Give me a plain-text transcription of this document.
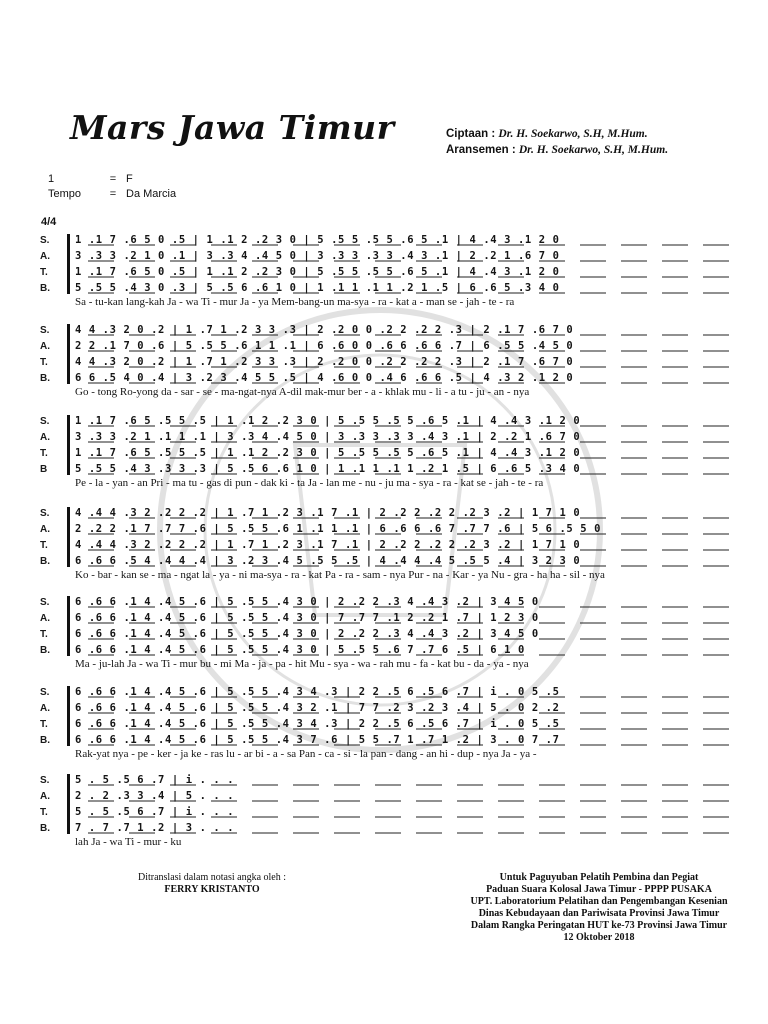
Mars Jawa Timur	Ciptaan : Dr. H. Soekarwo, S.H, M.Hum.
Aransemen : Dr. H. Soekarwo, S.H, M.Hum.
1	= F
Tempo	= Da Marcia
4/4
S.	1 .1 7 .6 5 0 .5 | 1 .1 2 .2 3 0 | 5 .5 5 .5 5 .6 5 .1 | 4 .4 3 .1 2 0
A.	3 .3 3 .2 1 0 .1 | 3 .3 4 .4 5 0 | 3 .3 3 .3 3 .4 3 .1 | 2 .2 1 .6 7 0
T.	1 .1 7 .6 5 0 .5 | 1 .1 2 .2 3 0 | 5 .5 5 .5 5 .6 5 .1 | 4 .4 3 .1 2 0
B.	5 .5 5 .4 3 0 .3 | 5 .5 6 .6 1 0 | 1 .1 1 .1 1 .2 1 .5 | 6 .6 5 .3 4 0
Sa - tu-kan lang-kah Ja - wa Ti - mur Ja - ya Mem-bang-un ma-sya - ra - kat a - man se - jah - te - ra
S.	4 4 .3 2 0 .2 | 1 .7 1 .2 3 3 .3 | 2 .2 0 0 .2 2 .2 2 .3 | 2 .1 7 .6 7 0
A.	2 2 .1 7 0 .6 | 5 .5 5 .6 1 1 .1 | 6 .6 0 0 .6 6 .6 6 .7 | 6 .5 5 .4 5 0
T.	4 4 .3 2 0 .2 | 1 .7 1 .2 3 3 .3 | 2 .2 0 0 .2 2 .2 2 .3 | 2 .1 7 .6 7 0
B.	6 6 .5 4 0 .4 | 3 .2 3 .4 5 5 .5 | 4 .6 0 0 .4 6 .6 6 .5 | 4 .3 2 .1 2 0
Go - tong Ro-yong da - sar - se - ma-ngat-nya A-dil mak-mur ber - a - khlak mu - li - a tu - ju - an - nya
S.	1 .1 7 .6 5 .5 5 .5 | 1 .1 2 .2 3 0 | 5 .5 5 .5 5 .6 5 .1 | 4 .4 3 .1 2 0
A.	3 .3 3 .2 1 .1 1 .1 | 3 .3 4 .4 5 0 | 3 .3 3 .3 3 .4 3 .1 | 2 .2 1 .6 7 0
T.	1 .1 7 .6 5 .5 5 .5 | 1 .1 2 .2 3 0 | 5 .5 5 .5 5 .6 5 .1 | 4 .4 3 .1 2 0
B	5 .5 5 .4 3 .3 3 .3 | 5 .5 6 .6 1 0 | 1 .1 1 .1 1 .2 1 .5 | 6 .6 5 .3 4 0
Pe - la - yan - an Pri - ma tu - gas di pun - dak ki - ta Ja - lan me - nu - ju ma - sya - ra - kat se - jah - te - ra
S.	4 .4 4 .3 2 .2 2 .2 | 1 .7 1 .2 3 .1 7 .1 | 2 .2 2 .2 2 .2 3 .2 | 1 7 1 0
A.	2 .2 2 .1 7 .7 7 .6 | 5 .5 5 .6 1 .1 1 .1 | 6 .6 6 .6 7 .7 7 .6 | 5 6 .5 5 0
T.	4 .4 4 .3 2 .2 2 .2 | 1 .7 1 .2 3 .1 7 .1 | 2 .2 2 .2 2 .2 3 .2 | 1 7 1 0
B.	6 .6 6 .5 4 .4 4 .4 | 3 .2 3 .4 5 .5 5 .5 | 4 .4 4 .4 5 .5 5 .4 | 3 2 3 0
Ko - bar - kan se - ma - ngat la - ya - ni ma-sya - ra - kat Pa - ra - sam - nya Pur - na - Kar - ya Nu - gra - ha ha - sil - nya
S.	6 .6 6 .1 4 .4 5 .6 | 5 .5 5 .4 3 0 | 2 .2 2 .3 4 .4 3 .2 | 3 4 5 0
A.	6 .6 6 .1 4 .4 5 .6 | 5 .5 5 .4 3 0 | 7 .7 7 .1 2 .2 1 .7 | 1 2 3 0
T.	6 .6 6 .1 4 .4 5 .6 | 5 .5 5 .4 3 0 | 2 .2 2 .3 4 .4 3 .2 | 3 4 5 0
B.	6 .6 6 .1 4 .4 5 .6 | 5 .5 5 .4 3 0 | 5 .5 5 .6 7 .7 6 .5 | 6 1 0
Ma - ju-lah Ja - wa Ti - mur bu - mi Ma - ja - pa - hit Mu - sya - wa - rah mu - fa - kat bu - da - ya - nya
S.	6 .6 6 .1 4 .4 5 .6 | 5 .5 5 .4 3 4 .3 | 2 2 .5 6 .5 6 .7 | i . 0 5 .5
A.	6 .6 6 .1 4 .4 5 .6 | 5 .5 5 .4 3 2 .1 | 7 7 .2 3 .2 3 .4 | 5 . 0 2 .2
T.	6 .6 6 .1 4 .4 5 .6 | 5 .5 5 .4 3 4 .3 | 2 2 .5 6 .5 6 .7 | i . 0 5 .5
B.	6 .6 6 .1 4 .4 5 .6 | 5 .5 5 .4 3 7 .6 | 5 5 .7 1 .7 1 .2 | 3 . 0 7 .7
Rak-yat nya - pe - ker - ja ke - ras lu - ar bi - a - sa Pan - ca - si - la pan - dang - an hi - dup - nya Ja - ya -
S.	5 . 5 .5 6 .7 | i . . .
A.	2 . 2 .3 3 .4 | 5 . . .
T.	5 . 5 .5 6 .7 | i . . .
B.	7 . 7 .7 1 .2 | 3 . . .
lah Ja - wa Ti - mur - ku
Ditranslasi dalam notasi angka oleh :
FERRY KRISTANTO
Untuk Paguyuban Pelatih Pembina dan Pegiat
Paduan Suara Kolosal Jawa Timur - PPPP PUSAKA
UPT. Laboratorium Pelatihan dan Pengembangan Kesenian
Dinas Kebudayaan dan Pariwisata Provinsi Jawa Timur
Dalam Rangka Peringatan HUT ke-73 Provinsi Jawa Timur
12 Oktober 2018
